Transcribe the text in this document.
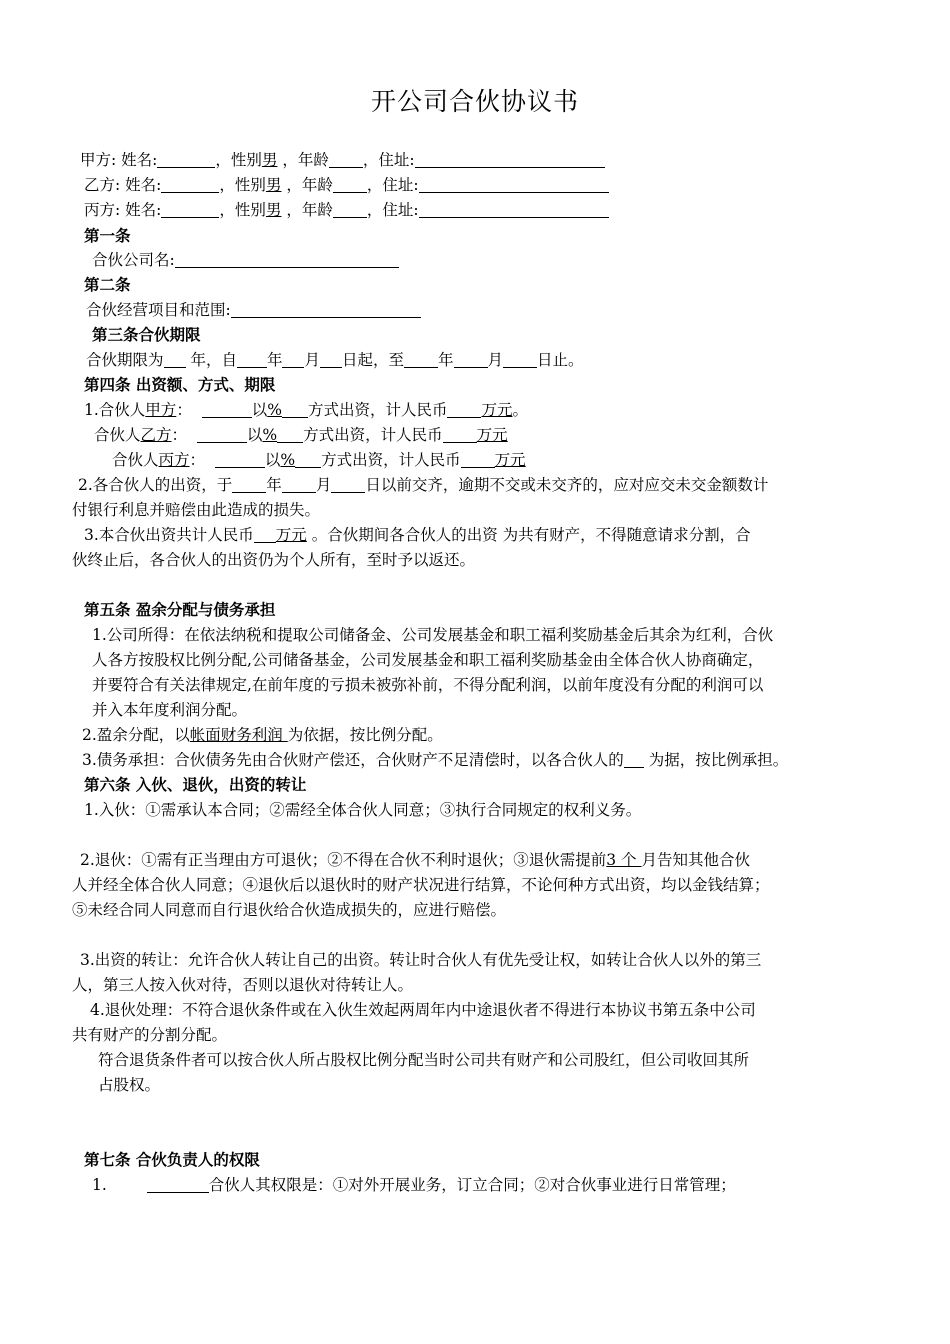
开公司合伙协议书
甲方: 姓名:	，性别男 ，年龄 ，住址:
乙方: 姓名:	，性别男 ，年龄 ，住址:
丙方: 姓名:	，性别男 ，年龄 ，住址:
第一条
合伙公司名:
第二条
合伙经营项目和范围:
第三条合伙期限
合伙期限为 年，自 年 月 日起，至 年 月 日止。
第四条 出资额、方式、期限
1.合伙人甲方：	以% 方式出资，计人民币 万元。
合伙人乙方：	以% 方式出资，计人民币 万元
合伙人丙方：	以% 方式出资，计人民币 万元
2.各合伙人的出资，于 年 月 日以前交齐，逾期不交或未交齐的，应对应交未交金额数计
付银行利息并赔偿由此造成的损失。
3.本合伙出资共计人民币 万元 。合伙期间各合伙人的出资 为共有财产，不得随意请求分割，合
伙终止后，各合伙人的出资仍为个人所有，至时予以返还。
第五条 盈余分配与债务承担
1.公司所得：在依法纳税和提取公司储备金、公司发展基金和职工福利奖励基金后其余为红利，合伙
人各方按股权比例分配,公司储备基金，公司发展基金和职工福利奖励基金由全体合伙人协商确定，
并要符合有关法律规定,在前年度的亏损未被弥补前，不得分配利润，以前年度没有分配的利润可以
并入本年度利润分配。
2.盈余分配，以帐面财务利润 为依据，按比例分配。
3.债务承担：合伙债务先由合伙财产偿还，合伙财产不足清偿时，以各合伙人的 为据，按比例承担。
第六条 入伙、退伙，出资的转让
1.入伙：①需承认本合同；②需经全体合伙人同意；③执行合同规定的权利义务。
2.退伙：①需有正当理由方可退伙；②不得在合伙不利时退伙；③退伙需提前3 个 月告知其他合伙
人并经全体合伙人同意；④退伙后以退伙时的财产状况进行结算，不论何种方式出资，均以金钱结算；
⑤未经合同人同意而自行退伙给合伙造成损失的，应进行赔偿。
3.出资的转让：允许合伙人转让自己的出资。转让时合伙人有优先受让权，如转让合伙人以外的第三
人，第三人按入伙对待，否则以退伙对待转让人。
4.退伙处理：不符合退伙条件或在入伙生效起两周年内中途退伙者不得进行本协议书第五条中公司
共有财产的分割分配。
符合退货条件者可以按合伙人所占股权比例分配当时公司共有财产和公司股红，但公司收回其所
占股权。
第七条 合伙负责人的权限
1.	合伙人其权限是：①对外开展业务，订立合同；②对合伙事业进行日常管理；
